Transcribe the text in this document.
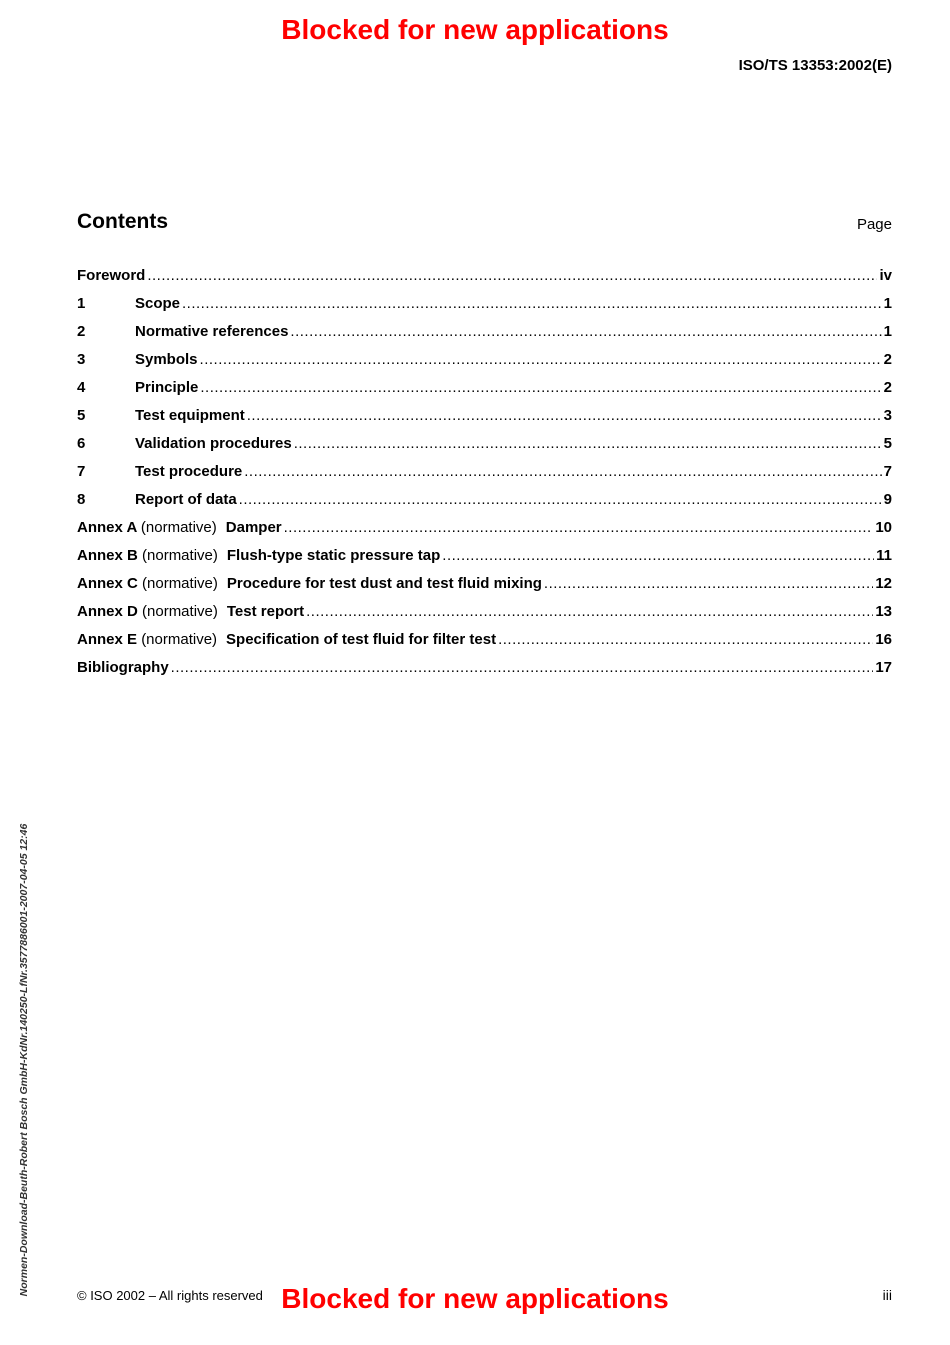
Blocked for new applications
ISO/TS 13353:2002(E)
Contents	Page
Foreword .....	iv
1	Scope .....	1
2	Normative references .....	1
3	Symbols .....	2
4	Principle .....	2
5	Test equipment .....	3
6	Validation procedures .....	5
7	Test procedure .....	7
8	Report of data .....	9
Annex A (normative) Damper .....	10
Annex B (normative) Flush-type static pressure tap .....	11
Annex C (normative) Procedure for test dust and test fluid mixing .....	12
Annex D (normative) Test report .....	13
Annex E (normative) Specification of test fluid for filter test .....	16
Bibliography .....	17
Normen-Download-Beuth-Robert Bosch GmbH-KdNr.140250-LfNr.3577886001-2007-04-05 12:46	© ISO 2002 – All rights reserved Blocked for new applications	iii
